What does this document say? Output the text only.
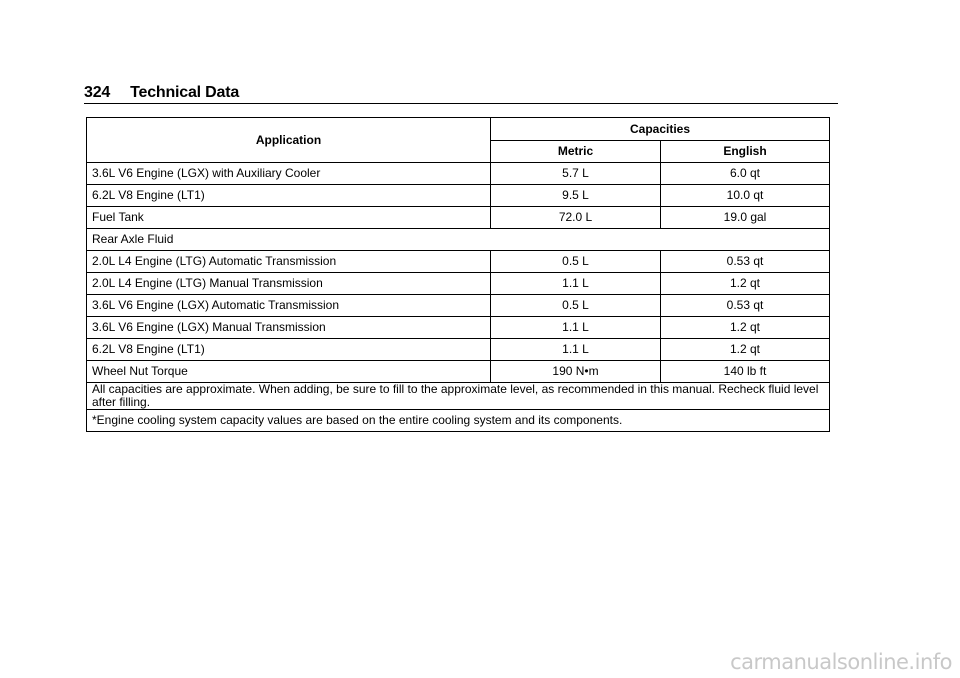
324 Technical Data
Application	Capacities	
	Metric	English
3.6L V6 Engine (LGX) with Auxiliary Cooler	5.7 L	6.0 qt
6.2L V8 Engine (LT1)	9.5 L	10.0 qt
Fuel Tank	72.0 L	19.0 gal
Rear Axle Fluid		
2.0L L4 Engine (LTG) Automatic Transmission	0.5 L	0.53 qt
2.0L L4 Engine (LTG) Manual Transmission	1.1 L	1.2 qt
3.6L V6 Engine (LGX) Automatic Transmission	0.5 L	0.53 qt
3.6L V6 Engine (LGX) Manual Transmission	1.1 L	1.2 qt
6.2L V8 Engine (LT1)	1.1 L	1.2 qt
Wheel Nut Torque	190 N•m	140 lb ft
All capacities are approximate. When adding, be sure to fill to the approximate level, as recommended in this manual. Recheck fluid level after filling.		
*Engine cooling system capacity values are based on the entire cooling system and its components.		
carmanualsonline.info
